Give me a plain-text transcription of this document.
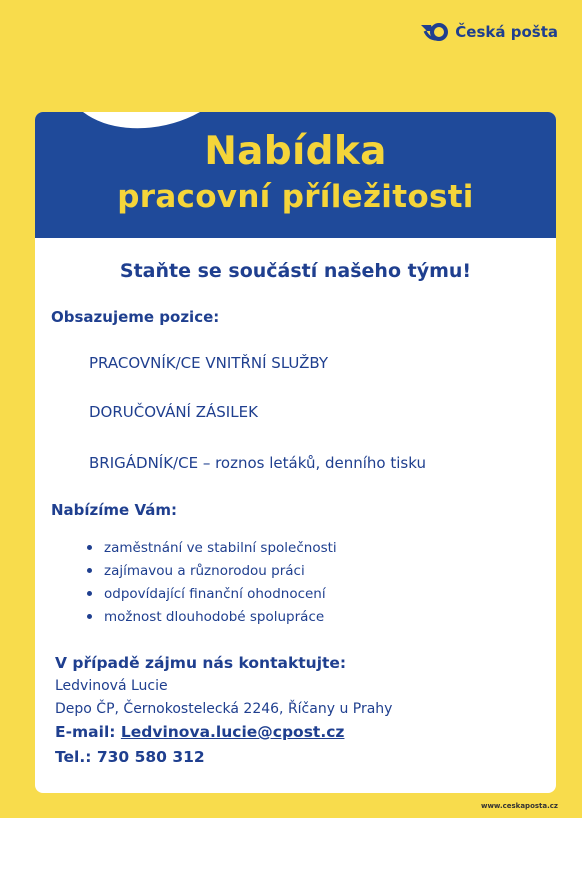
Česká pošta
Nabídka
pracovní příležitosti
Staňte se součástí našeho týmu!
Obsazujeme pozice:
PRACOVNÍK/CE VNITŘNÍ SLUŽBY
DORUČOVÁNÍ ZÁSILEK
BRIGÁDNÍK/CE – roznos letáků, denního tisku
Nabízíme Vám:
zaměstnání ve stabilní společnosti
zajímavou a různorodou práci
odpovídající finanční ohodnocení
možnost dlouhodobé spolupráce
V případě zájmu nás kontaktujte:
Ledvinová Lucie
Depo ČP, Černokostelecká 2246, Říčany u Prahy
E-mail: Ledvinova.lucie@cpost.cz
Tel.: 730 580 312
www.ceskaposta.cz
